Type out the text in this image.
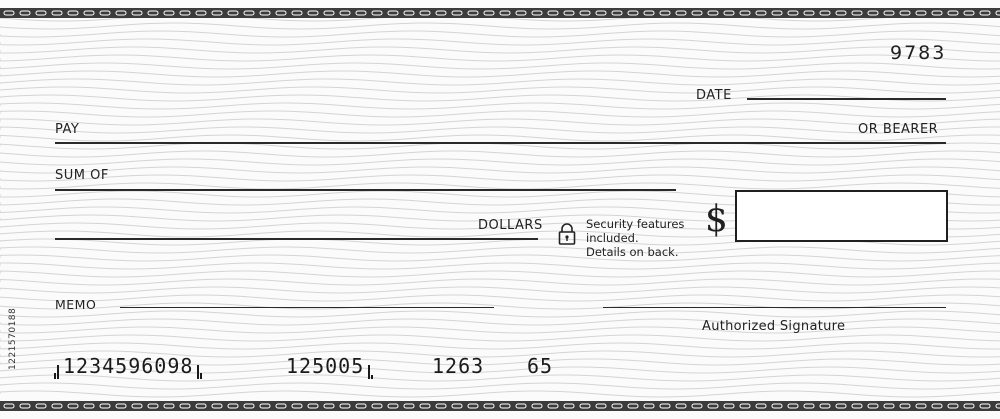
9783
DATE
PAY	OR BEARER
SUM OF
DOLLARS	Security features
included.
Details on back.
$
MEMO
Authorized Signature
1234596098	125005	1263 65
1221570188
